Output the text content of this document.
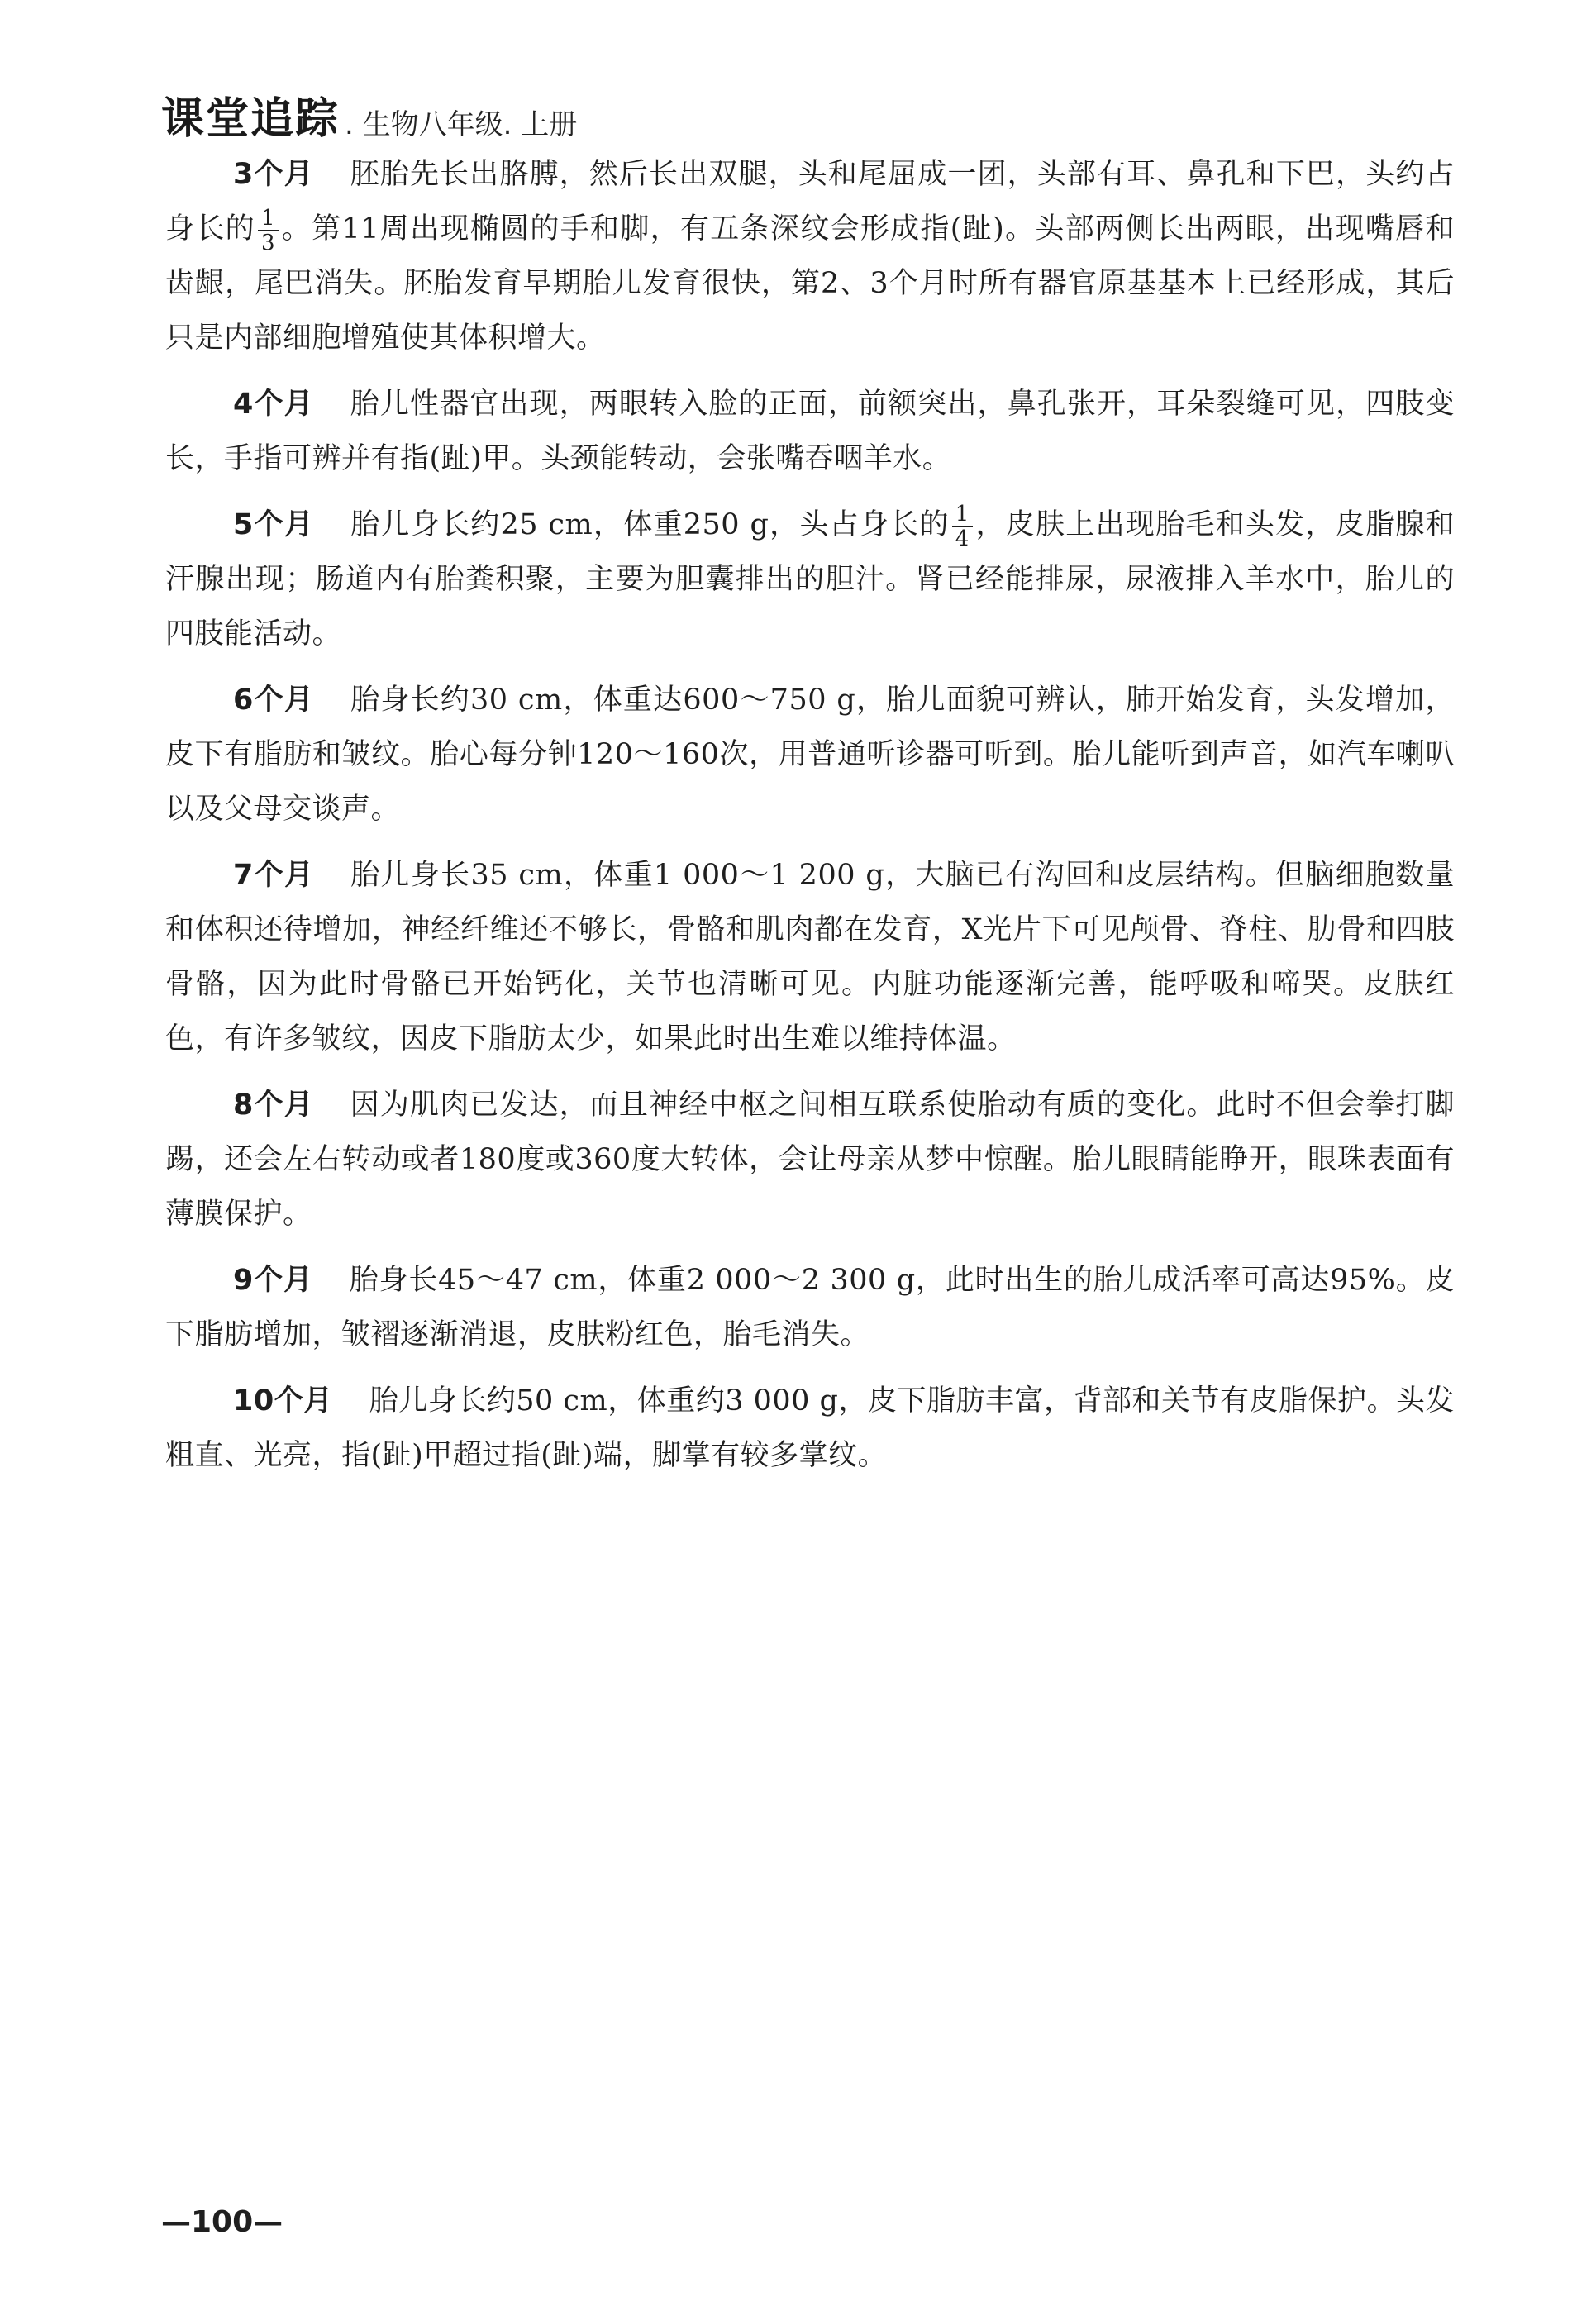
课堂追踪 . 生物八年级. 上册

3个月 胚胎先长出胳膊，然后长出双腿，头和尾屈成一团，头部有耳、鼻孔和下巴，头约占身长的 $\frac{1}{3}$ 。第11周出现椭圆的手和脚，有五条深纹会形成指(趾)。头部两侧长出两眼，出现嘴唇和齿龈，尾巴消失。胚胎发育早期胎儿发育很快，第2、3个月时所有器官原基基本上已经形成，其后只是内部细胞增殖使其体积增大。

4个月 胎儿性器官出现，两眼转入脸的正面，前额突出，鼻孔张开，耳朵裂缝可见，四肢变长，手指可辨并有指(趾)甲。头颈能转动，会张嘴吞咽羊水。

5个月 胎儿身长约25 cm，体重250 g，头占身长的 $\frac{1}{4}$ ，皮肤上出现胎毛和头发，皮脂腺和汗腺出现；肠道内有胎粪积聚，主要为胆囊排出的胆汁。肾已经能排尿，尿液排入羊水中，胎儿的四肢能活动。

6个月 胎身长约30 cm，体重达600～750 g，胎儿面貌可辨认，肺开始发育，头发增加，皮下有脂肪和皱纹。胎心每分钟120～160次，用普通听诊器可听到。胎儿能听到声音，如汽车喇叭以及父母交谈声。

7个月 胎儿身长35 cm，体重1 000～1 200 g，大脑已有沟回和皮层结构。但脑细胞数量和体积还待增加，神经纤维还不够长，骨骼和肌肉都在发育，X光片下可见颅骨、脊柱、肋骨和四肢骨骼，因为此时骨骼已开始钙化，关节也清晰可见。内脏功能逐渐完善，能呼吸和啼哭。皮肤红色，有许多皱纹，因皮下脂肪太少，如果此时出生难以维持体温。

8个月 因为肌肉已发达，而且神经中枢之间相互联系使胎动有质的变化。此时不但会拳打脚踢，还会左右转动或者180度或360度大转体，会让母亲从梦中惊醒。胎儿眼睛能睁开，眼珠表面有薄膜保护。

9个月 胎身长45～47 cm，体重2 000～2 300 g，此时出生的胎儿成活率可高达95%。皮下脂肪增加，皱褶逐渐消退，皮肤粉红色，胎毛消失。

10个月 胎儿身长约50 cm，体重约3 000 g，皮下脂肪丰富，背部和关节有皮脂保护。头发粗直、光亮，指(趾)甲超过指(趾)端，脚掌有较多掌纹。

—100—
